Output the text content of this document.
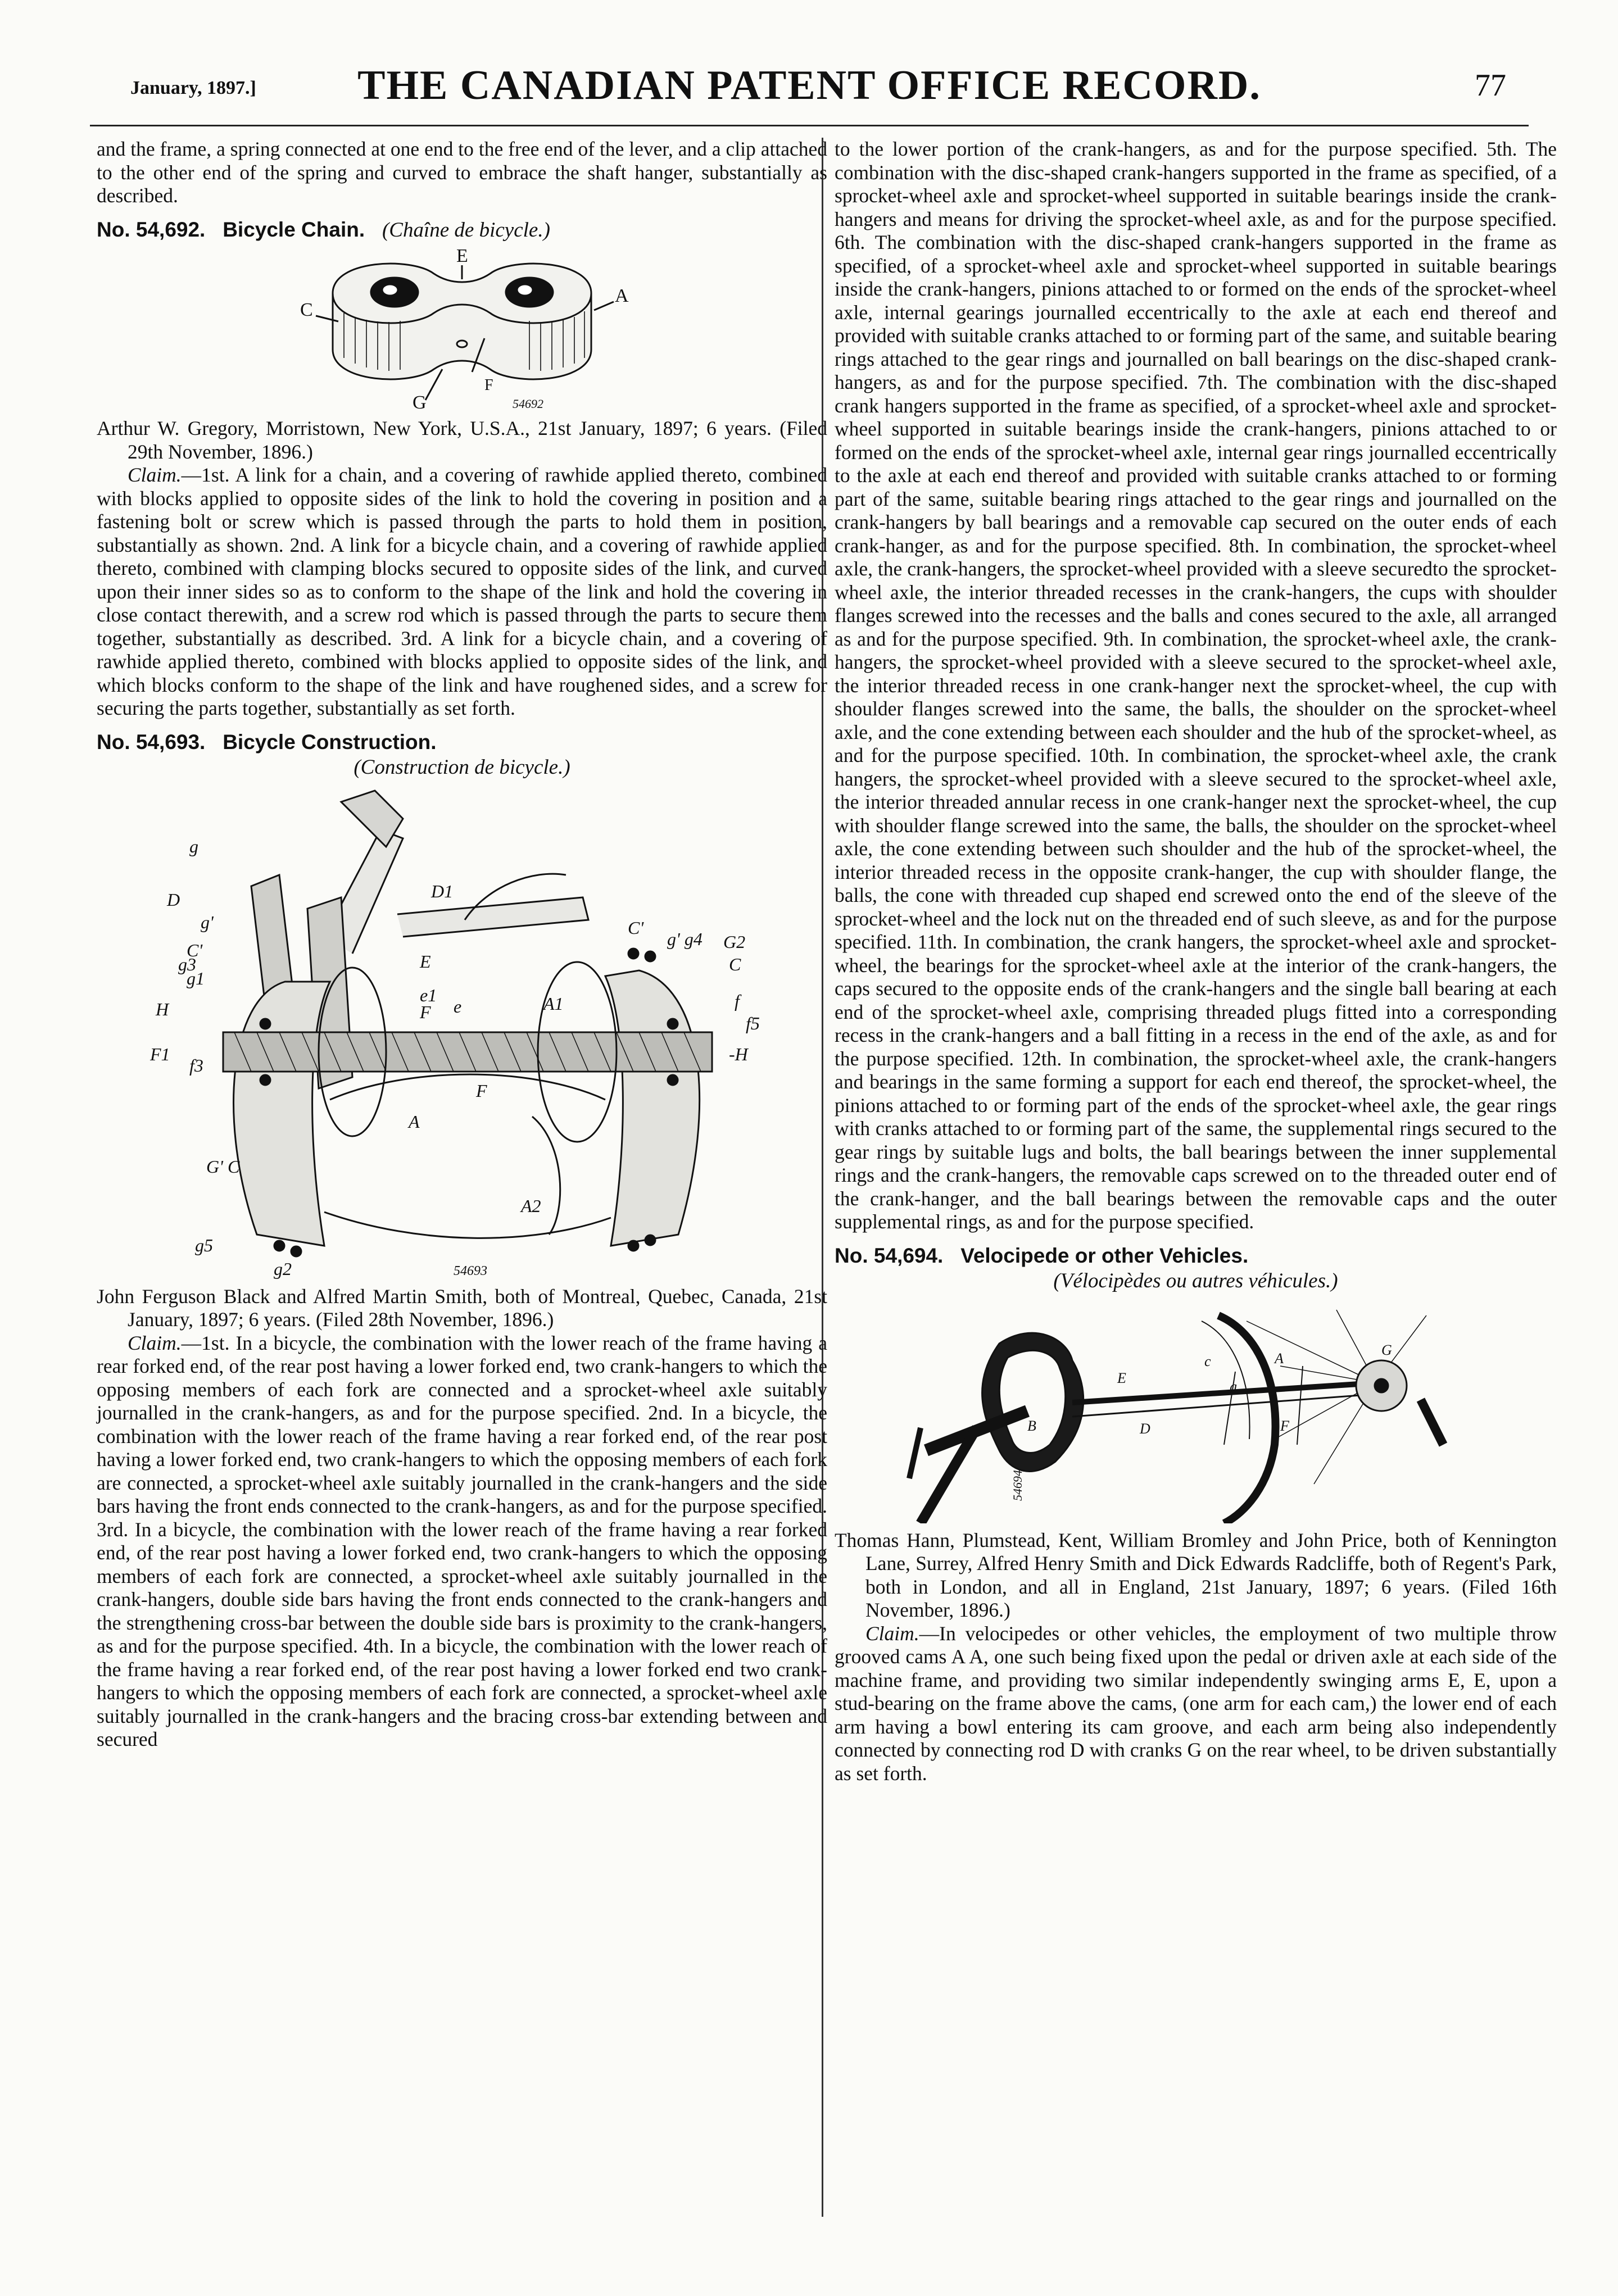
January, 1897.]	THE CANADIAN PATENT OFFICE RECORD.	77

and the frame, a spring connected at one end to the free end of the lever, and a clip attached to the other end of the spring and curved to embrace the shaft hanger, substantially as described.

No. 54,692. Bicycle Chain. (Chaîne de bicycle.)
E
C
A
F
G	54692

Arthur W. Gregory, Morristown, New York, U.S.A., 21st January, 1897; 6 years. (Filed 29th November, 1896.)

Claim.—1st. A link for a chain, and a covering of rawhide applied thereto, combined with blocks applied to opposite sides of the link to hold the covering in position and a fastening bolt or screw which is passed through the parts to hold them in position, substantially as shown. 2nd. A link for a bicycle chain, and a covering of rawhide applied thereto, combined with clamping blocks secured to opposite sides of the link, and curved upon their inner sides so as to conform to the shape of the link and hold the covering in close contact therewith, and a screw rod which is passed through the parts to secure them together, substantially as described. 3rd. A link for a bicycle chain, and a covering of rawhide applied thereto, combined with blocks applied to opposite sides of the link, and which blocks conform to the shape of the link and have roughened sides, and a screw for securing the parts together, substantially as set forth.

No. 54,693. Bicycle Construction.
(Construction de bicycle.)
g
D
g'
C'
g3
g1
D1
E
C'
g' g4 G2
C
H	F e
e1	A1	f
f5
F1
F
f3
-H
A
G' C
A2
g5
g2	54693

John Ferguson Black and Alfred Martin Smith, both of Montreal, Quebec, Canada, 21st January, 1897; 6 years. (Filed 28th November, 1896.)

Claim.—1st. In a bicycle, the combination with the lower reach of the frame having a rear forked end, of the rear post having a lower forked end, two crank-hangers to which the opposing members of each fork are connected and a sprocket-wheel axle suitably journalled in the crank-hangers, as and for the purpose specified. 2nd. In a bicycle, the combination with the lower reach of the frame having a rear forked end, of the rear post having a lower forked end, two crank-hangers to which the opposing members of each fork are connected, a sprocket-wheel axle suitably journalled in the crank-hangers and the side bars having the front ends connected to the crank-hangers, as and for the purpose specified. 3rd. In a bicycle, the combination with the lower reach of the frame having a rear forked end, of the rear post having a lower forked end, two crank-hangers to which the opposing members of each fork are connected, a sprocket-wheel axle suitably journalled in the crank-hangers, double side bars having the front ends connected to the crank-hangers and the strengthening cross-bar between the double side bars is proximity to the crank-hangers, as and for the purpose specified. 4th. In a bicycle, the combination with the lower reach of the frame having a rear forked end, of the rear post having a lower forked end two crank-hangers to which the opposing members of each fork are connected, a sprocket-wheel axle suitably journalled in the crank-hangers and the bracing cross-bar extending between and secured

to the lower portion of the crank-hangers, as and for the purpose specified. 5th. The combination with the disc-shaped crank-hangers supported in the frame as specified, of a sprocket-wheel axle and sprocket-wheel supported in suitable bearings inside the crank-hangers and means for driving the sprocket-wheel axle, as and for the purpose specified. 6th. The combination with the disc-shaped crank-hangers supported in the frame as specified, of a sprocket-wheel axle and sprocket-wheel supported in suitable bearings inside the crank-hangers, pinions attached to or formed on the ends of the sprocket-wheel axle, internal gearings journalled eccentrically to the axle at each end thereof and provided with suitable cranks attached to or forming part of the same, and suitable bearing rings attached to the gear rings and journalled on ball bearings on the disc-shaped crank-hangers, as and for the purpose specified. 7th. The combination with the disc-shaped crank hangers supported in the frame as specified, of a sprocket-wheel axle and sprocket-wheel supported in suitable bearings inside the crank-hangers, pinions attached to or formed on the ends of the sprocket-wheel axle, internal gear rings journalled eccentrically to the axle at each end thereof and provided with suitable cranks attached to or forming part of the same, suitable bearing rings attached to the gear rings and journalled on the crank-hangers by ball bearings and a removable cap secured on the outer ends of each crank-hanger, as and for the purpose specified. 8th. In combination, the sprocket-wheel axle, the crank-hangers, the sprocket-wheel provided with a sleeve securedto the sprocket-wheel axle, the interior threaded recesses in the crank-hangers, the cups with shoulder flanges screwed into the recesses and the balls and cones secured to the axle, all arranged as and for the purpose specified. 9th. In combination, the sprocket-wheel axle, the crank-hangers, the sprocket-wheel provided with a sleeve secured to the sprocket-wheel axle, the interior threaded recess in one crank-hanger next the sprocket-wheel, the cup with shoulder flanges screwed into the same, the balls, the shoulder on the sprocket-wheel axle, and the cone extending between each shoulder and the hub of the sprocket-wheel, as and for the purpose specified. 10th. In combination, the sprocket-wheel axle, the crank hangers, the sprocket-wheel provided with a sleeve secured to the sprocket-wheel axle, the interior threaded annular recess in one crank-hanger next the sprocket-wheel, the cup with shoulder flange screwed into the same, the balls, the shoulder on the sprocket-wheel axle, the cone extending between such shoulder and the hub of the sprocket-wheel, the interior threaded recess in the opposite crank-hanger, the cup with shoulder flange, the balls, the cone with threaded cup shaped end screwed onto the end of the sleeve of the sprocket-wheel and the lock nut on the threaded end of such sleeve, as and for the purpose specified. 11th. In combination, the crank hangers, the sprocket-wheel axle and sprocket-wheel, the bearings for the sprocket-wheel axle at the interior of the crank-hangers, the caps secured to the opposite ends of the crank-hangers and the single ball bearing at each end of the sprocket-wheel axle, comprising threaded plugs fitted into a corresponding recess in the crank-hangers and a ball fitting in a recess in the end of the axle, as and for the purpose specified. 12th. In combination, the sprocket-wheel axle, the crank-hangers and bearings in the same forming a support for each end thereof, the sprocket-wheel, the pinions attached to or forming part of the ends of the sprocket-wheel axle, the gear rings with cranks attached to or forming part of the same, the supplemental rings secured to the gear rings by suitable lugs and bolts, the ball bearings between the inner supplemental rings and the crank-hangers, the removable caps screwed on to the threaded outer end of the crank-hanger, and the ball bearings between the removable caps and the outer supplemental rings, as and for the purpose specified.

No. 54,694. Velocipede or other Vehicles.
(Vélocipèdes ou autres véhicules.)
c	A
g
E
D	F
G
B
54694

Thomas Hann, Plumstead, Kent, William Bromley and John Price, both of Kennington Lane, Surrey, Alfred Henry Smith and Dick Edwards Radcliffe, both of Regent's Park, both in London, and all in England, 21st January, 1897; 6 years. (Filed 16th November, 1896.)

Claim.—In velocipedes or other vehicles, the employment of two multiple throw grooved cams A A, one such being fixed upon the pedal or driven axle at each side of the machine frame, and providing two similar independently swinging arms E, E, upon a stud-bearing on the frame above the cams, (one arm for each cam,) the lower end of each arm having a bowl entering its cam groove, and each arm being also independently connected by connecting rod D with cranks G on the rear wheel, to be driven substantially as set forth.
